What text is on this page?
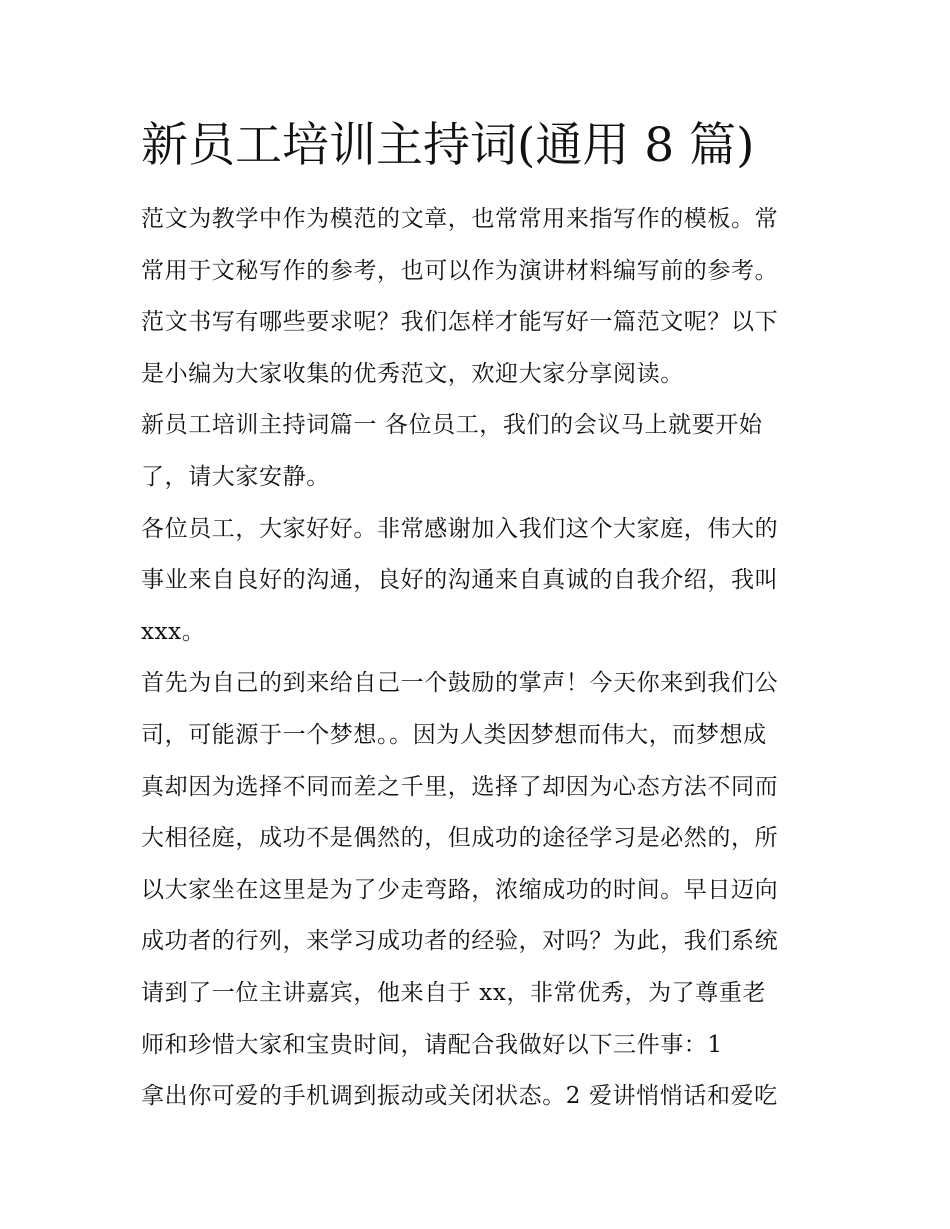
新员工培训主持词(通用 8 篇)
范文为教学中作为模范的文章，也常常用来指写作的模板。常
常用于文秘写作的参考，也可以作为演讲材料编写前的参考。
范文书写有哪些要求呢？我们怎样才能写好一篇范文呢？以下
是小编为大家收集的优秀范文，欢迎大家分享阅读。
新员工培训主持词篇一 各位员工，我们的会议马上就要开始
了，请大家安静。
各位员工，大家好好。非常感谢加入我们这个大家庭，伟大的
事业来自良好的沟通，良好的沟通来自真诚的自我介绍，我叫
xxx。
首先为自己的到来给自己一个鼓励的掌声！今天你来到我们公
司，可能源于一个梦想。。因为人类因梦想而伟大，而梦想成
真却因为选择不同而差之千里，选择了却因为心态方法不同而
大相径庭，成功不是偶然的，但成功的途径学习是必然的，所
以大家坐在这里是为了少走弯路，浓缩成功的时间。早日迈向
成功者的行列，来学习成功者的经验，对吗？为此，我们系统
请到了一位主讲嘉宾，他来自于 xx，非常优秀，为了尊重老
师和珍惜大家和宝贵时间，请配合我做好以下三件事：1
拿出你可爱的手机调到振动或关闭状态。2 爱讲悄悄话和爱吃
